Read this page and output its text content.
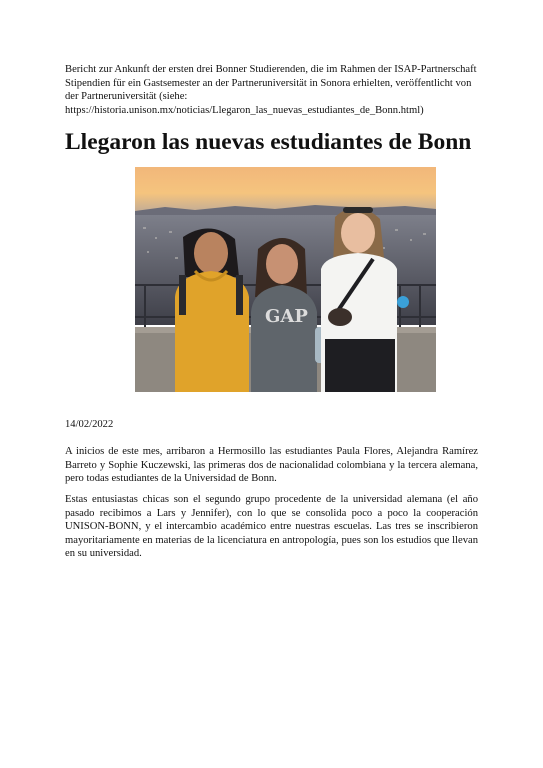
Bericht zur Ankunft der ersten drei Bonner Studierenden, die im Rahmen der ISAP-Partnerschaft Stipendien für ein Gastsemester an der Partneruniversität in Sonora erhielten, veröffentlicht von der Partneruniversität (siehe: https://historia.unison.mx/noticias/Llegaron_las_nuevas_estudiantes_de_Bonn.html)
Llegaron las nuevas estudiantes de Bonn
GAP
14/02/2022

A inicios de este mes, arribaron a Hermosillo las estudiantes Paula Flores, Alejandra Ramírez Barreto y Sophie Kuczewski, las primeras dos de nacionalidad colombiana y la tercera alemana, pero todas estudiantes de la Universidad de Bonn.

Estas entusiastas chicas son el segundo grupo procedente de la universidad alemana (el año pasado recibimos a Lars y Jennifer), con lo que se consolida poco a poco la cooperación UNISON-BONN, y el intercambio académico entre nuestras escuelas. Las tres se inscribieron mayoritariamente en materias de la licenciatura en antropología, pues son los estudios que llevan en su universidad.
